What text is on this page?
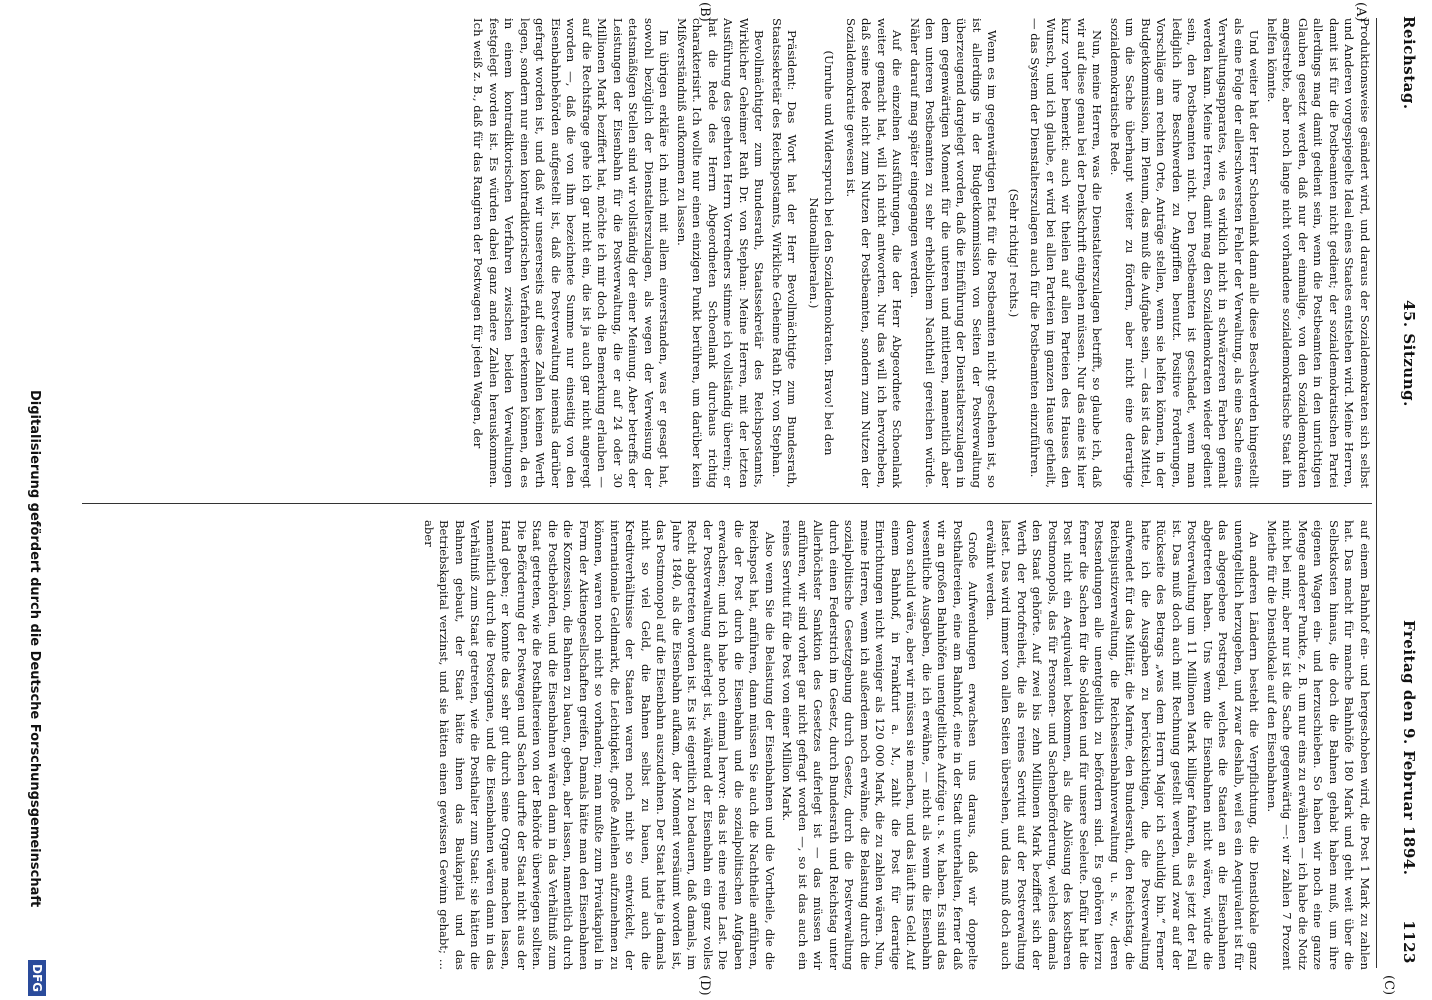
Reichstag.
45. Sitzung.
Freitag den 9. Februar 1894.
1123
(A)
(B)
(C)
(D)

Produktionsweise geändert wird, und daraus der Sozialdemokraten sich selbst und Anderen vorgespiegelte Ideal eines Staates entstehen wird. Meine Herren, damit ist für die Postbeamten nicht gedient; der sozialdemokratischen Partei allerdings mag damit gedient sein, wenn die Postbeamten in den unrichtigen Glauben gesetzt werden, daß nur der einmalige, von den Sozialdemokraten angestrebte, aber noch lange nicht vorhandene sozialdemokratische Staat ihn helfen könnte.

Und weiter hat der Herr Schoenlank dann alle diese Beschwerden hingestellt als eine Folge der allerschwersten Fehler der Verwaltung, als eine Sache eines Verwaltungsapparates, wie es wirklich nicht in schwärzeren Farben gemalt werden kann. Meine Herren, damit mag den Sozialdemokraten wieder gedient sein, den Postbeamten nicht. Den Postbeamten ist geschadet, wenn man lediglich ihre Beschwerden zu Angriffen benutzt. Positive Forderungen, Vorschläge am rechten Orte, Anträge stellen, wenn sie helfen können, in der Budgetkommission, im Plenum, das muß die Aufgabe sein, — das ist das Mittel, um die Sache überhaupt weiter zu fördern, aber nicht eine derartige sozialdemokratische Rede.

Nun, meine Herren, was die Dienstalterszulagen betrifft, so glaube ich, daß wir auf diese genau bei der Denkschrift eingehen müssen. Nur das eine ist hier kurz vorher bemerkt: auch wir theilen auf allen Parteien des Hauses den Wunsch, und ich glaube, er wird bei allen Parteien im ganzen Hause getheilt, — das System der Dienstalterszulagen auch für die Postbeamten einzuführen.

(Sehr richtig! rechts.)

Wenn es im gegenwärtigen Etat für die Postbeamten nicht geschehen ist, so ist allerdings in der Budgetkommission von Seiten der Postverwaltung überzeugend dargelegt worden, daß die Einführung der Dienstalterszulagen in dem gegenwärtigen Moment für die unteren und mittleren, namentlich aber den unteren Postbeamten zu sehr erheblichem Nachtheil gereichen würde. Näher darauf mag später eingegangen werden.

Auf die einzelnen Ausführungen, die der Herr Abgeordnete Schoenlank weiter gemacht hat, will ich nicht antworten. Nur das will ich hervorheben, daß seine Rede nicht zum Nutzen der Postbeamten, sondern zum Nutzen der Sozialdemokratie gewesen ist.

(Unruhe und Widerspruch bei den Sozialdemokraten. Bravo! bei den Nationalliberalen.)

Präsident: Das Wort hat der Herr Bevollmächtigte zum Bundesrath, Staatssekretär des Reichspostamts, Wirkliche Geheime Rath Dr. von Stephan.

Bevollmächtigter zum Bundesrath, Staatssekretär des Reichspostamts, Wirklicher Geheimer Rath Dr. von Stephan: Meine Herren, mit der letzten Ausführung des geehrten Herrn Vorredners stimme ich vollständig überein; er hat die Rede des Herrn Abgeordneten Schoenlank durchaus richtig charakterisirt. Ich wollte nur einen einzigen Punkt berühren, um darüber kein Mißverständniß aufkommen zu lassen.

Im übrigen erkläre ich mich mit allem einverstanden, was er gesagt hat, sowohl bezüglich der Dienstalterszulagen, als wegen der Verweisung der etatsmäßigen Stellen sind wir vollständig der einer Meinung. Aber betreffs der Leistungen der Eisenbahn für die Postverwaltung, die er auf 24 oder 30 Millionen Mark beziffert hat, möchte ich mir doch die Bemerkung erlauben — auf die Rechtsfrage gehe ich gar nicht ein, die ist ja auch gar nicht angeregt worden —, daß die von ihm bezeichnete Summe nur einseitig von den Eisenbahnbehörden aufgestellt ist, daß die Postverwaltung niemals darüber gefragt worden ist, und daß wir unsererseits auf diese Zahlen keinen Werth legen, sondern nur einen kontradiktorischen Verfahren erkennen können, da es in einem kontradiktorischen Verfahren zwischen beiden Verwaltungen festgelegt worden ist. Es würden dabei ganz andere Zahlen herauskommen. Ich weiß z. B., daß für das Rangiren der Postwagen für jeden Wagen, der

auf einem Bahnhof ein- und hergeschoben wird, die Post 1 Mark zu zahlen hat. Das macht für manche Bahnhöfe 180 Mark und geht weit über die Selbstkosten hinaus, die doch die Bahnen gehabt haben muß, um ihre eigenen Wagen ein- und herzuschieben. So haben wir noch eine ganze Menge anderer Punkte, z. B. um nur eins zu erwähnen — ich habe die Notiz nicht bei mir, aber nur ist die Sache gegenwärtig —: wir zahlen 7 Prozent Miethe für die Dienstlokale auf den Eisenbahnen.

An anderen Ländern besteht die Verpflichtung, die Dienstlokale ganz unentgeltlich herzugeben, und zwar deshalb, weil es ein Aequivalent ist für das abgegebene Postregal, welches die Staaten an die Eisenbahnen abgetreten haben. Uns wenn die Eisenbahnen nicht wären, würde die Postverwaltung um 11 Millionen Mark billiger fahren, als es jetzt der Fall ist. Das muß doch auch mit Rechnung gestellt werden, und zwar auf der Rückseite des Betrags „was dem Herrn Major ich schuldig bin.“ Ferner hatte ich die Ausgaben zu berücksichtigen, die die Postverwaltung aufwendet für das Militär, die Marine, den Bundesrath, den Reichstag, die Reichsjustizverwaltung, die Reichseisenbahnverwaltung u. s. w., deren Postsendungen alle unentgeltlich zu befördern sind. Es gehören hierzu ferner die Sachen für die Soldaten und für unsere Seeleute. Dafür hat die Post nicht ein Aequivalent bekommen, als die Ablösung des kostbaren Postmonopols, das für Personen- und Sachenbeförderung, welches damals den Staat gehörte. Auf zwei bis zehn Millionen Mark beziffert sich der Werth der Portofreiheit, die als reines Servitut auf der Postverwaltung lastet. Das wird immer von allen Seiten übersehen, und das muß doch auch erwähnt werden.

Große Aufwendungen erwachsen uns daraus, daß wir doppelte Posthaltereien, eine am Bahnhof, eine in der Stadt unterhalten, ferner daß wir an großen Bahnhöfen unentgeltliche Aufzüge u. s. w. haben. Es sind das wesentliche Ausgaben, die ich erwähne, — nicht als wenn die Eisenbahn davon schuld wäre, aber wir müssen sie machen, und das läuft ins Geld. Auf einem Bahnhof, in Frankfurt a. M., zahlt die Post für derartige Einrichtungen nicht weniger als 120 000 Mark, die zu zahlen wären. Nun, meine Herren, wenn ich außerdem noch erwähne, die Belastung durch die sozialpolitische Gesetzgebung durch Gesetz, durch die Postverwaltung durch einen Federstrich im Gesetz, durch Bundesrath und Reichstag unter Allerhöchster Sanktion des Gesetzes auferlegt ist — das müssen wir anführen, wir sind vorher gar nicht gefragt worden —, so ist das auch ein reines Servitut für die Post von einer Million Mark.

Also wenn Sie die Belastung der Eisenbahnen und die Vortheile, die die Reichspost hat, anführen, dann müssen Sie auch die Nachtheile anführen, die der Post durch die Eisenbahn und die sozialpolitischen Aufgaben erwachsen; und ich habe noch einmal hervor: das ist eine reine Last. Die der Postverwaltung auferlegt ist, während der Eisenbahn ein ganz volles Recht abgetreten worden ist. Es ist eigentlich zu bedauern, daß damals, im Jahre 1840, als die Eisenbahn aufkam, der Moment versäumt worden ist, das Postmonopol auf die Eisenbahn auszudehnen. Der Staat hatte ja damals nicht so viel Geld, die Bahnen selbst zu bauen, und auch die Kreditverhältnisse der Staaten waren noch nicht so entwickelt, der internationale Geldmarkt, die Leichtigkeit, große Anleihen aufzunehmen zu können, waren noch nicht so vorhanden; man mußte zum Privatkapital in Form der Aktiengesellschaften greifen. Damals hätte man den Eisenbahnen die Konzession, die Bahnen zu bauen, geben, aber lassen, namentlich durch die Postbehörden, und die Eisenbahnen wären dann in das Verhältniß zum Staat getreten, wie die Posthaltereien von der Behörde überwiegen sollten. Die Beförderung der Postwagen und Sachen durfte der Staat nicht aus der Hand geben; er konnte das sehr gut durch seine Organe machen lassen, namentlich durch die Postorgane, und die Eisenbahnen wären dann in das Verhältniß zum Staat getreten, wie die Posthalter zum Staat: sie hätten die Bahnen gebaut, der Staat hätte ihnen das Baukapital und das Betriebskapital verzinst, und sie hätten einen gewissen Gewinn gehabt; ... aber

Digitalisierung gefördert durch die Deutsche Forschungsgemeinschaft
DFG
